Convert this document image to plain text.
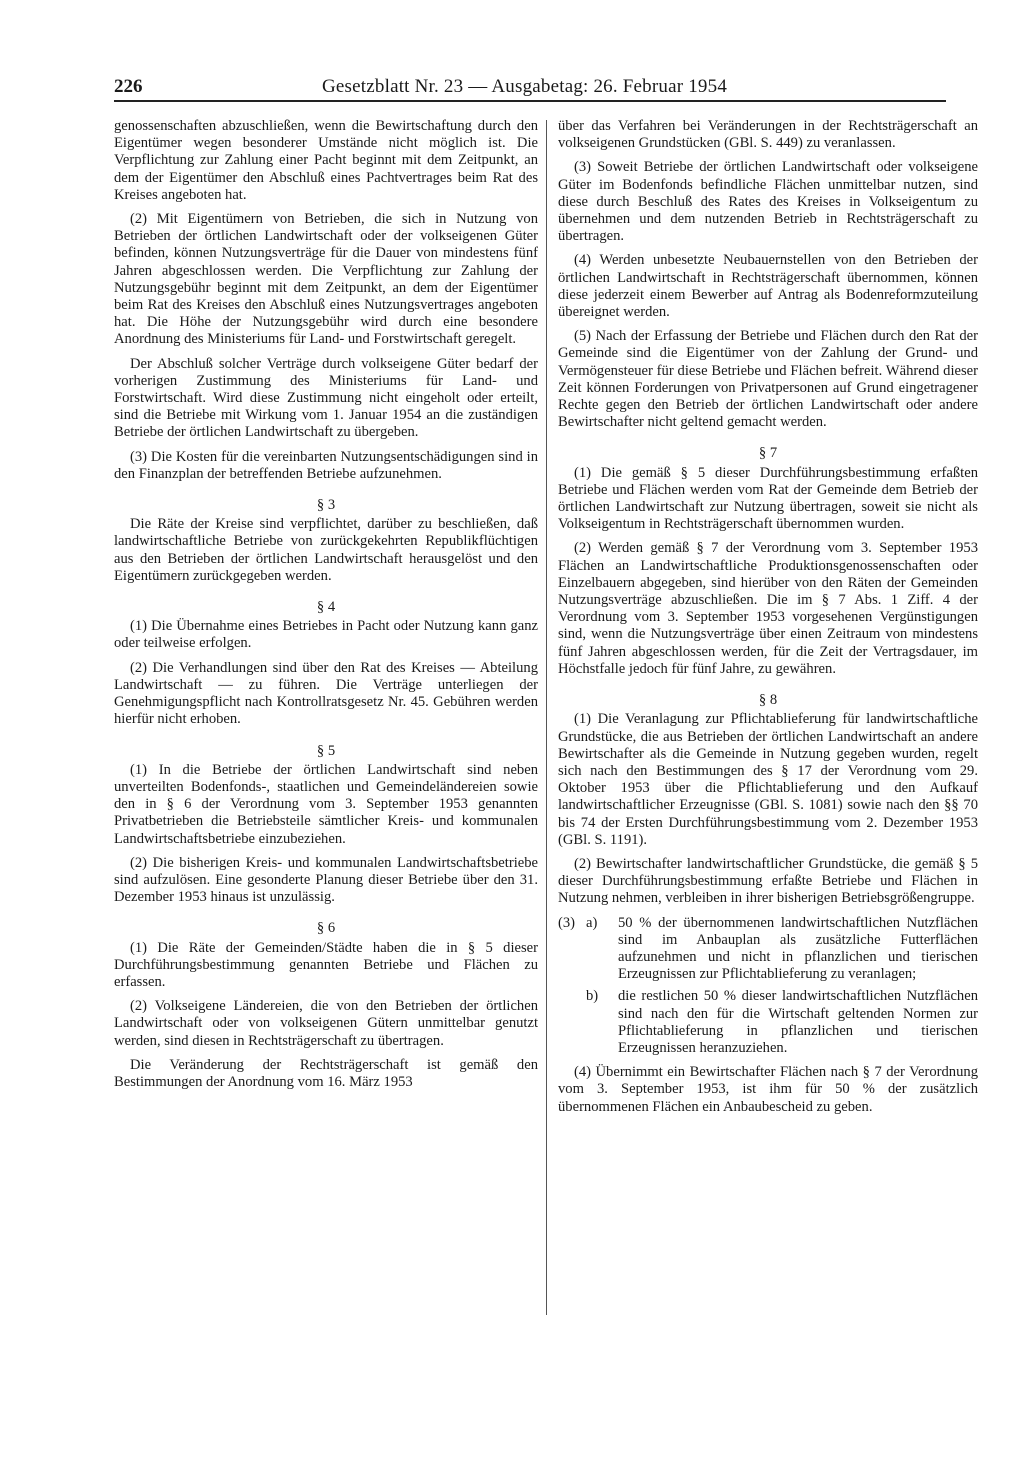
226	Gesetzblatt Nr. 23 — Ausgabetag: 26. Februar 1954

genossenschaften abzuschließen, wenn die Bewirtschaftung durch den Eigentümer wegen besonderer Umstände nicht möglich ist. Die Verpflichtung zur Zahlung einer Pacht beginnt mit dem Zeitpunkt, an dem der Eigentümer den Abschluß eines Pachtvertrages beim Rat des Kreises angeboten hat.

(2) Mit Eigentümern von Betrieben, die sich in Nutzung von Betrieben der örtlichen Landwirtschaft oder der volkseigenen Güter befinden, können Nutzungsverträge für die Dauer von mindestens fünf Jahren abgeschlossen werden. Die Verpflichtung zur Zahlung der Nutzungsgebühr beginnt mit dem Zeitpunkt, an dem der Eigentümer beim Rat des Kreises den Abschluß eines Nutzungsvertrages angeboten hat. Die Höhe der Nutzungsgebühr wird durch eine besondere Anordnung des Ministeriums für Land- und Forstwirtschaft geregelt.

Der Abschluß solcher Verträge durch volkseigene Güter bedarf der vorherigen Zustimmung des Ministeriums für Land- und Forstwirtschaft. Wird diese Zustimmung nicht eingeholt oder erteilt, sind die Betriebe mit Wirkung vom 1. Januar 1954 an die zuständigen Betriebe der örtlichen Landwirtschaft zu übergeben.

(3) Die Kosten für die vereinbarten Nutzungsentschädigungen sind in den Finanzplan der betreffenden Betriebe aufzunehmen.

§ 3

Die Räte der Kreise sind verpflichtet, darüber zu beschließen, daß landwirtschaftliche Betriebe von zurückgekehrten Republikflüchtigen aus den Betrieben der örtlichen Landwirtschaft herausgelöst und den Eigentümern zurückgegeben werden.

§ 4

(1) Die Übernahme eines Betriebes in Pacht oder Nutzung kann ganz oder teilweise erfolgen.

(2) Die Verhandlungen sind über den Rat des Kreises — Abteilung Landwirtschaft — zu führen. Die Verträge unterliegen der Genehmigungspflicht nach Kontrollratsgesetz Nr. 45. Gebühren werden hierfür nicht erhoben.

§ 5

(1) In die Betriebe der örtlichen Landwirtschaft sind neben unverteilten Bodenfonds-, staatlichen und Gemeindeländereien sowie den in § 6 der Verordnung vom 3. September 1953 genannten Privatbetrieben die Betriebsteile sämtlicher Kreis- und kommunalen Landwirtschaftsbetriebe einzubeziehen.

(2) Die bisherigen Kreis- und kommunalen Landwirtschaftsbetriebe sind aufzulösen. Eine gesonderte Planung dieser Betriebe über den 31. Dezember 1953 hinaus ist unzulässig.

§ 6

(1) Die Räte der Gemeinden/Städte haben die in § 5 dieser Durchführungsbestimmung genannten Betriebe und Flächen zu erfassen.

(2) Volkseigene Ländereien, die von den Betrieben der örtlichen Landwirtschaft oder von volkseigenen Gütern unmittelbar genutzt werden, sind diesen in Rechtsträgerschaft zu übertragen.

Die Veränderung der Rechtsträgerschaft ist gemäß den Bestimmungen der Anordnung vom 16. März 1953

über das Verfahren bei Veränderungen in der Rechtsträgerschaft an volkseigenen Grundstücken (GBl. S. 449) zu veranlassen.

(3) Soweit Betriebe der örtlichen Landwirtschaft oder volkseigene Güter im Bodenfonds befindliche Flächen unmittelbar nutzen, sind diese durch Beschluß des Rates des Kreises in Volkseigentum zu übernehmen und dem nutzenden Betrieb in Rechtsträgerschaft zu übertragen.

(4) Werden unbesetzte Neubauernstellen von den Betrieben der örtlichen Landwirtschaft in Rechtsträgerschaft übernommen, können diese jederzeit einem Bewerber auf Antrag als Bodenreformzuteilung übereignet werden.

(5) Nach der Erfassung der Betriebe und Flächen durch den Rat der Gemeinde sind die Eigentümer von der Zahlung der Grund- und Vermögensteuer für diese Betriebe und Flächen befreit. Während dieser Zeit können Forderungen von Privatpersonen auf Grund eingetragener Rechte gegen den Betrieb der örtlichen Landwirtschaft oder andere Bewirtschafter nicht geltend gemacht werden.

§ 7

(1) Die gemäß § 5 dieser Durchführungsbestimmung erfaßten Betriebe und Flächen werden vom Rat der Gemeinde dem Betrieb der örtlichen Landwirtschaft zur Nutzung übertragen, soweit sie nicht als Volkseigentum in Rechtsträgerschaft übernommen wurden.

(2) Werden gemäß § 7 der Verordnung vom 3. September 1953 Flächen an Landwirtschaftliche Produktionsgenossenschaften oder Einzelbauern abgegeben, sind hierüber von den Räten der Gemeinden Nutzungsverträge abzuschließen. Die im § 7 Abs. 1 Ziff. 4 der Verordnung vom 3. September 1953 vorgesehenen Vergünstigungen sind, wenn die Nutzungsverträge über einen Zeitraum von mindestens fünf Jahren abgeschlossen werden, für die Zeit der Vertragsdauer, im Höchstfalle jedoch für fünf Jahre, zu gewähren.

§ 8

(1) Die Veranlagung zur Pflichtablieferung für landwirtschaftliche Grundstücke, die aus Betrieben der örtlichen Landwirtschaft an andere Bewirtschafter als die Gemeinde in Nutzung gegeben wurden, regelt sich nach den Bestimmungen des § 17 der Verordnung vom 29. Oktober 1953 über die Pflichtablieferung und den Aufkauf landwirtschaftlicher Erzeugnisse (GBl. S. 1081) sowie nach den §§ 70 bis 74 der Ersten Durchführungsbestimmung vom 2. Dezember 1953 (GBl. S. 1191).

(2) Bewirtschafter landwirtschaftlicher Grundstücke, die gemäß § 5 dieser Durchführungsbestimmung erfaßte Betriebe und Flächen in Nutzung nehmen, verbleiben in ihrer bisherigen Betriebsgrößengruppe.

(3) a) 50 % der übernommenen landwirtschaftlichen Nutzflächen sind im Anbauplan als zusätzliche Futterflächen aufzunehmen und nicht in pflanzlichen und tierischen Erzeugnissen zur Pflichtablieferung zu veranlagen;

b) die restlichen 50 % dieser landwirtschaftlichen Nutzflächen sind nach den für die Wirtschaft geltenden Normen zur Pflichtablieferung in pflanzlichen und tierischen Erzeugnissen heranzuziehen.

(4) Übernimmt ein Bewirtschafter Flächen nach § 7 der Verordnung vom 3. September 1953, ist ihm für 50 % der zusätzlich übernommenen Flächen ein Anbaubescheid zu geben.
